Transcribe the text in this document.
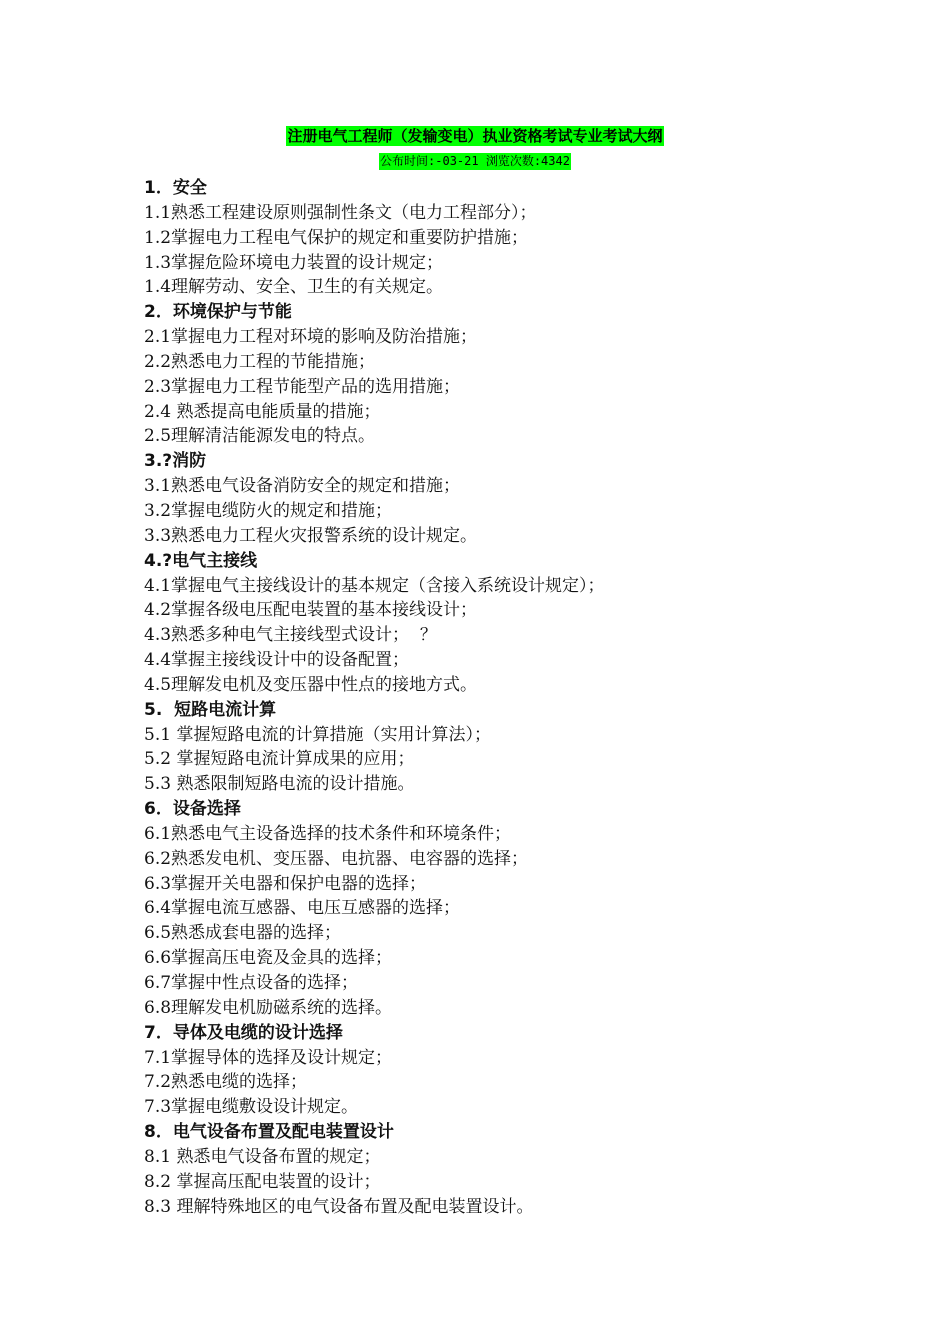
注册电气工程师（发输变电）执业资格考试专业考试大纲
公布时间:-03-21 浏览次数:4342
1．安全
1.1熟悉工程建设原则强制性条文（电力工程部分）；
1.2掌握电力工程电气保护的规定和重要防护措施；
1.3掌握危险环境电力装置的设计规定；
1.4理解劳动、安全、卫生的有关规定。
2．环境保护与节能
2.1掌握电力工程对环境的影响及防治措施；
2.2熟悉电力工程的节能措施；
2.3掌握电力工程节能型产品的选用措施；
2.4 熟悉提高电能质量的措施；
2.5理解清洁能源发电的特点。
3.?消防
3.1熟悉电气设备消防安全的规定和措施；
3.2掌握电缆防火的规定和措施；
3.3熟悉电力工程火灾报警系统的设计规定。
4.?电气主接线
4.1掌握电气主接线设计的基本规定（含接入系统设计规定）；
4.2掌握各级电压配电装置的基本接线设计；
4.3熟悉多种电气主接线型式设计；  ？
4.4掌握主接线设计中的设备配置；
4.5理解发电机及变压器中性点的接地方式。
5.  短路电流计算
5.1 掌握短路电流的计算措施（实用计算法）；
5.2 掌握短路电流计算成果的应用；
5.3 熟悉限制短路电流的设计措施。
6．设备选择
6.1熟悉电气主设备选择的技术条件和环境条件；
6.2熟悉发电机、变压器、电抗器、电容器的选择；
6.3掌握开关电器和保护电器的选择；
6.4掌握电流互感器、电压互感器的选择；
6.5熟悉成套电器的选择；
6.6掌握高压电瓷及金具的选择；
6.7掌握中性点设备的选择；
6.8理解发电机励磁系统的选择。
7．导体及电缆的设计选择
7.1掌握导体的选择及设计规定；
7.2熟悉电缆的选择；
7.3掌握电缆敷设设计规定。
8．电气设备布置及配电装置设计
8.1 熟悉电气设备布置的规定；
8.2 掌握高压配电装置的设计；
8.3 理解特殊地区的电气设备布置及配电装置设计。
